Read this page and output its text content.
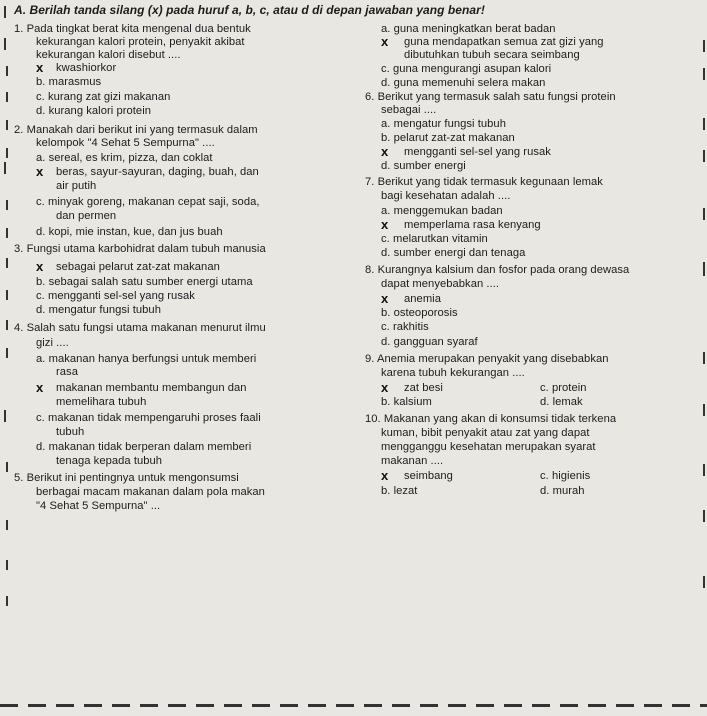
A. Berilah tanda silang (x) pada huruf a, b, c, atau d di depan jawaban yang benar!
1. Pada tingkat berat kita mengenal dua bentuk
kekurangan kalori protein, penyakit akibat
kekurangan kalori disebut ....
x kwashiorkor
b. marasmus
c. kurang zat gizi makanan
d. kurang kalori protein
2. Manakah dari berikut ini yang termasuk dalam
kelompok "4 Sehat 5 Sempurna" ....
a. sereal, es krim, pizza, dan coklat
x beras, sayur-sayuran, daging, buah, dan
air putih
c. minyak goreng, makanan cepat saji, soda,
dan permen
d. kopi, mie instan, kue, dan jus buah
3. Fungsi utama karbohidrat dalam tubuh manusia
x sebagai pelarut zat-zat makanan
b. sebagai salah satu sumber energi utama
c. mengganti sel-sel yang rusak
d. mengatur fungsi tubuh
4. Salah satu fungsi utama makanan menurut ilmu
gizi ....
a. makanan hanya berfungsi untuk memberi
rasa
x makanan membantu membangun dan
memelihara tubuh
c. makanan tidak mempengaruhi proses faali
tubuh
d. makanan tidak berperan dalam memberi
tenaga kepada tubuh
5. Berikut ini pentingnya untuk mengonsumsi
berbagai macam makanan dalam pola makan
"4 Sehat 5 Sempurna" ...
a. guna meningkatkan berat badan
x guna mendapatkan semua zat gizi yang
dibutuhkan tubuh secara seimbang
c. guna mengurangi asupan kalori
d. guna memenuhi selera makan
6. Berikut yang termasuk salah satu fungsi protein
sebagai ....
a. mengatur fungsi tubuh
b. pelarut zat-zat makanan
x mengganti sel-sel yang rusak
d. sumber energi
7. Berikut yang tidak termasuk kegunaan lemak
bagi kesehatan adalah ....
a. menggemukan badan
x memperlama rasa kenyang
c. melarutkan vitamin
d. sumber energi dan tenaga
8. Kurangnya kalsium dan fosfor pada orang dewasa
dapat menyebabkan ....
x anemia
b. osteoporosis
c. rakhitis
d. gangguan syaraf
9. Anemia merupakan penyakit yang disebabkan
karena tubuh kekurangan ....
x zat besi	c. protein
b. kalsium	d. lemak
10. Makanan yang akan di konsumsi tidak terkena
kuman, bibit penyakit atau zat yang dapat
mengganggu kesehatan merupakan syarat
makanan ....
x seimbang	c. higienis
b. lezat	d. murah
